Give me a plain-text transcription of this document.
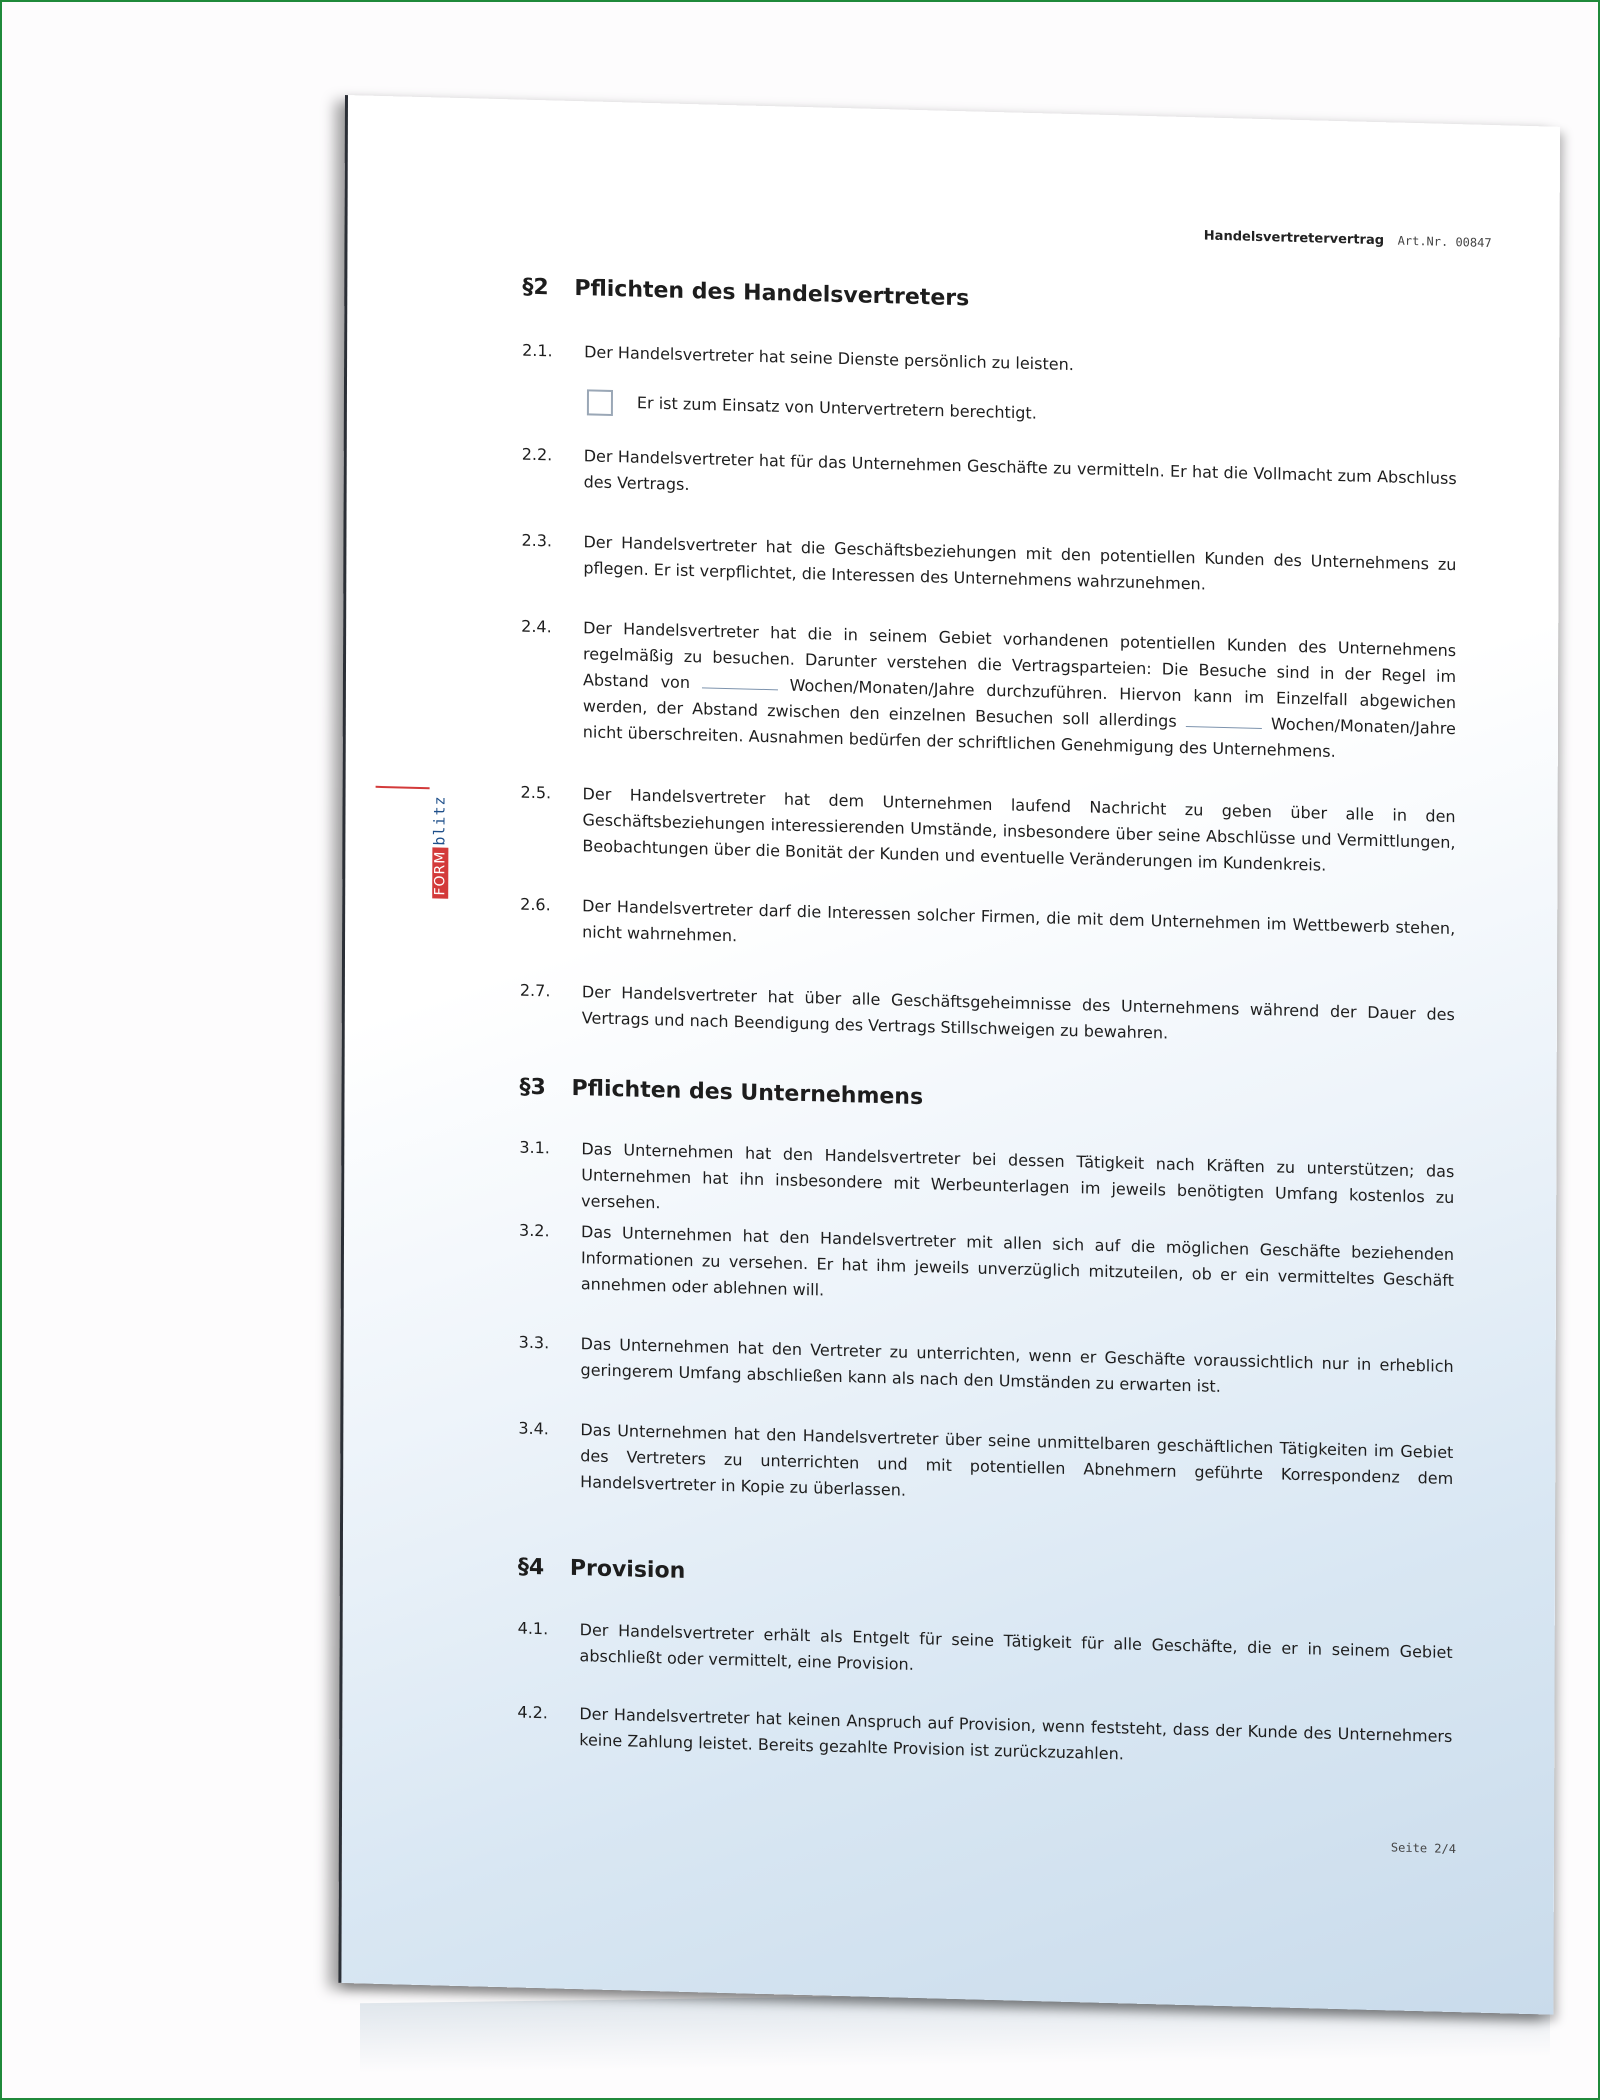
Handelsvertretervertrag Art.Nr. 00847
§2 Pflichten des Handelsvertreters
2.1.	Der Handelsvertreter hat seine Dienste persönlich zu leisten.
Er ist zum Einsatz von Untervertretern berechtigt.
2.2.	Der Handelsvertreter hat für das Unternehmen Geschäfte zu vermitteln. Er hat die Vollmacht zum Abschluss des Vertrags.
2.3.	Der Handelsvertreter hat die Geschäftsbeziehungen mit den potentiellen Kunden des Unternehmens zu pflegen. Er ist verpflichtet, die Interessen des Unternehmens wahrzunehmen.
2.4.	Der Handelsvertreter hat die in seinem Gebiet vorhandenen potentiellen Kunden des Unternehmens regelmäßig zu besuchen. Darunter verstehen die Vertragsparteien: Die Besuche sind in der Regel im Abstand von	Wochen/Monaten/Jahre durchzuführen. Hiervon kann im Einzelfall abgewichen werden, der Abstand zwischen den einzelnen Besuchen soll allerdings	Wochen/Monaten/Jahre nicht überschreiten. Ausnahmen bedürfen der schriftlichen Genehmigung des Unternehmens.
2.5.	Der Handelsvertreter hat dem Unternehmen laufend Nachricht zu geben über alle in den Geschäftsbeziehungen interessierenden Umstände, insbesondere über seine Abschlüsse und Vermittlungen, Beobachtungen über die Bonität der Kunden und eventuelle Veränderungen im Kundenkreis.
2.6.	Der Handelsvertreter darf die Interessen solcher Firmen, die mit dem Unternehmen im Wettbewerb stehen, nicht wahrnehmen.
2.7.	Der Handelsvertreter hat über alle Geschäftsgeheimnisse des Unternehmens während der Dauer des Vertrags und nach Beendigung des Vertrags Stillschweigen zu bewahren.
§3 Pflichten des Unternehmens
3.1.	Das Unternehmen hat den Handelsvertreter bei dessen Tätigkeit nach Kräften zu unterstützen; das Unternehmen hat ihn insbesondere mit Werbeunterlagen im jeweils benötigten Umfang kostenlos zu versehen.
3.2.	Das Unternehmen hat den Handelsvertreter mit allen sich auf die möglichen Geschäfte beziehenden Informationen zu versehen. Er hat ihm jeweils unverzüglich mitzuteilen, ob er ein vermitteltes Geschäft annehmen oder ablehnen will.
3.3.	Das Unternehmen hat den Vertreter zu unterrichten, wenn er Geschäfte voraussichtlich nur in erheblich geringerem Umfang abschließen kann als nach den Umständen zu erwarten ist.
3.4.	Das Unternehmen hat den Handelsvertreter über seine unmittelbaren geschäftlichen Tätigkeiten im Gebiet des Vertreters zu unterrichten und mit potentiellen Abnehmern geführte Korrespondenz dem Handelsvertreter in Kopie zu überlassen.
§4 Provision
4.1.	Der Handelsvertreter erhält als Entgelt für seine Tätigkeit für alle Geschäfte, die er in seinem Gebiet abschließt oder vermittelt, eine Provision.
4.2.	Der Handelsvertreter hat keinen Anspruch auf Provision, wenn feststeht, dass der Kunde des Unternehmers keine Zahlung leistet. Bereits gezahlte Provision ist zurückzuzahlen.
Seite 2/4
FORMblitz
